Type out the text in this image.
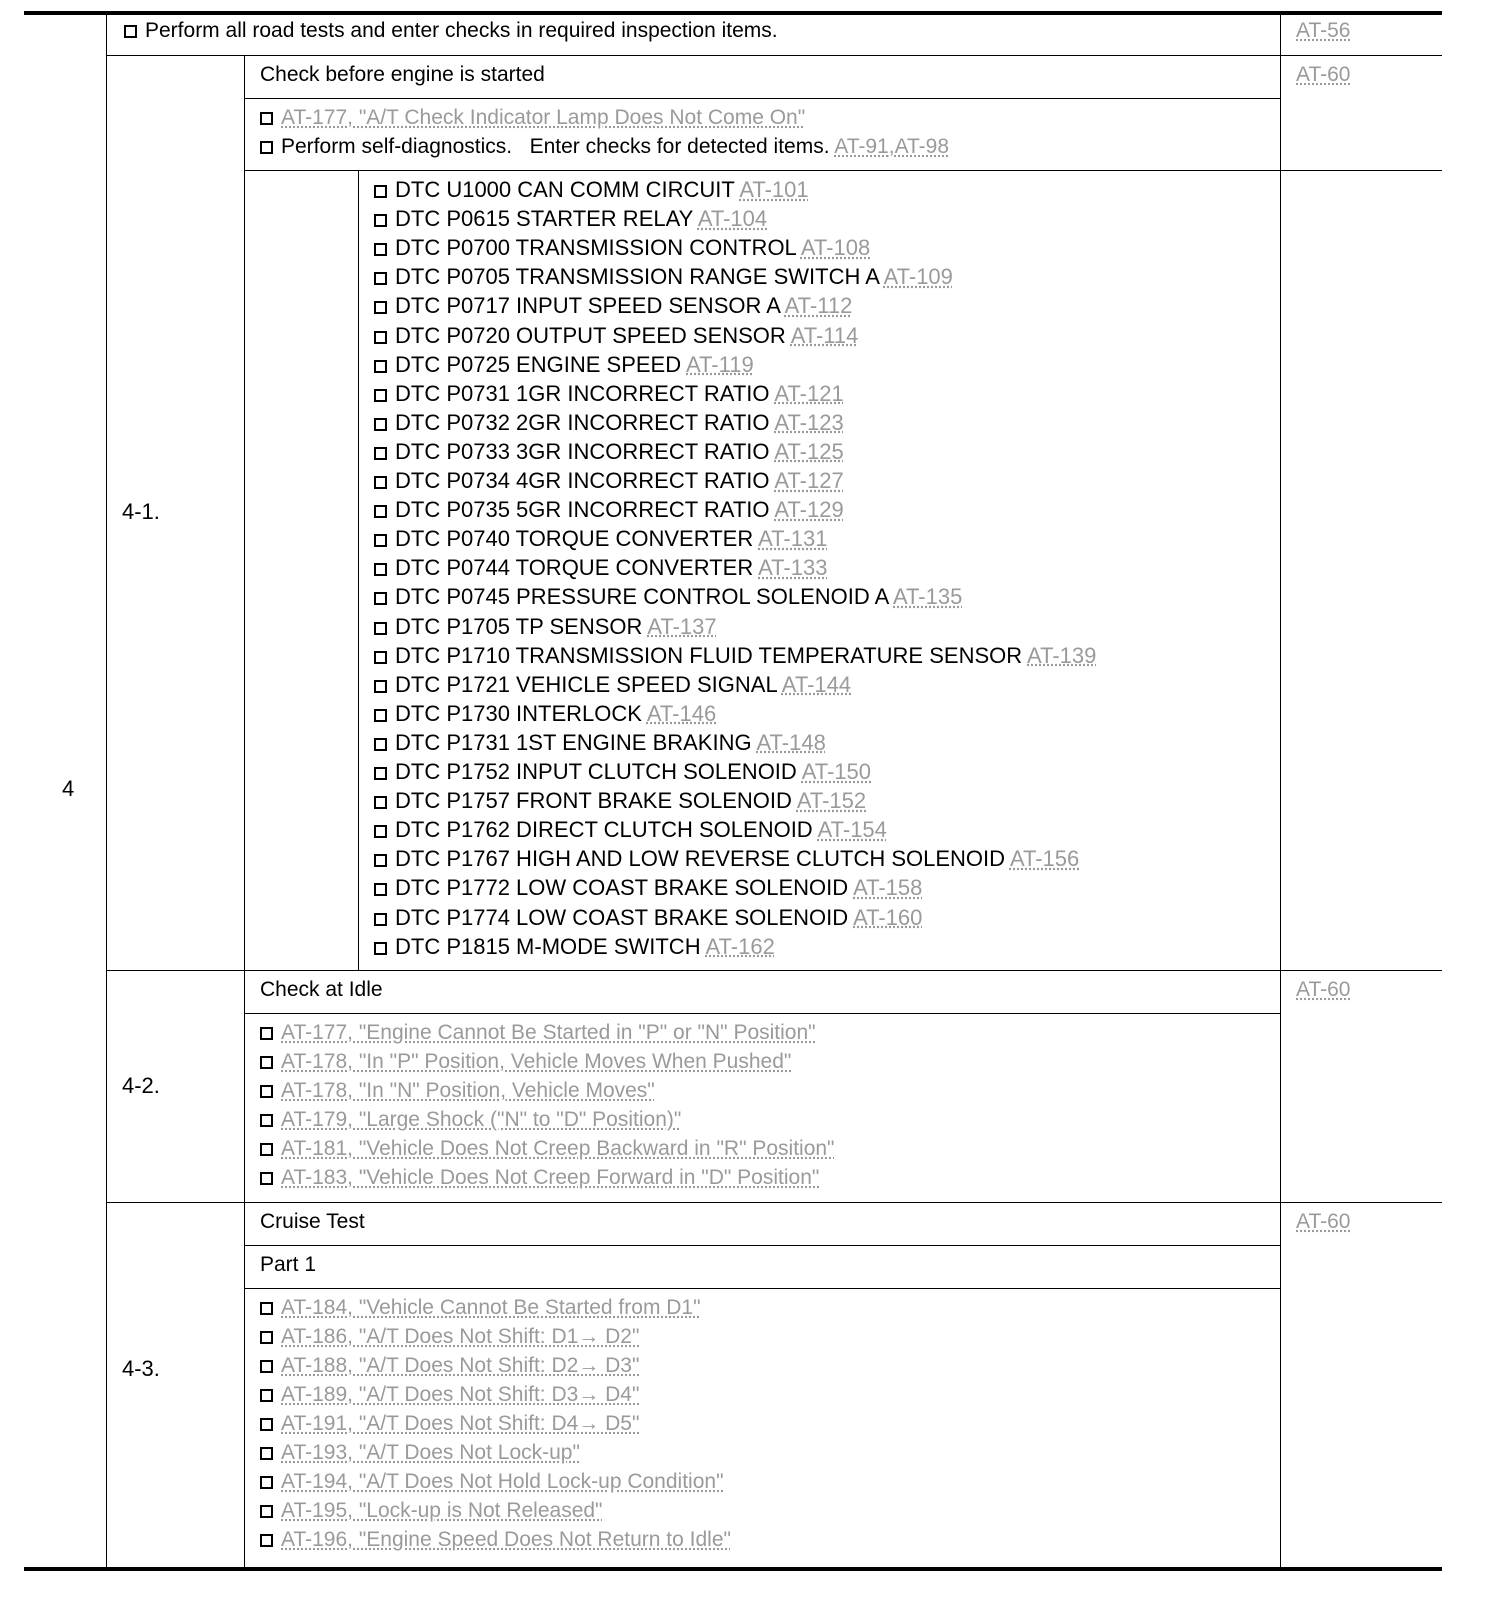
4
Perform all road tests and enter checks in required inspection items.	AT-56
4-1.
Check before engine is started	AT-60
AT-177, "A/T Check Indicator Lamp Does Not Come On"
Perform self-diagnostics.   Enter checks for detected items. AT-91,AT-98
DTC U1000 CAN COMM CIRCUIT AT-101
DTC P0615 STARTER RELAY AT-104
DTC P0700 TRANSMISSION CONTROL AT-108
DTC P0705 TRANSMISSION RANGE SWITCH A AT-109
DTC P0717 INPUT SPEED SENSOR A AT-112
DTC P0720 OUTPUT SPEED SENSOR AT-114
DTC P0725 ENGINE SPEED AT-119
DTC P0731 1GR INCORRECT RATIO AT-121
DTC P0732 2GR INCORRECT RATIO AT-123
DTC P0733 3GR INCORRECT RATIO AT-125
DTC P0734 4GR INCORRECT RATIO AT-127
DTC P0735 5GR INCORRECT RATIO AT-129
DTC P0740 TORQUE CONVERTER AT-131
DTC P0744 TORQUE CONVERTER AT-133
DTC P0745 PRESSURE CONTROL SOLENOID A AT-135
DTC P1705 TP SENSOR AT-137
DTC P1710 TRANSMISSION FLUID TEMPERATURE SENSOR AT-139
DTC P1721 VEHICLE SPEED SIGNAL AT-144
DTC P1730 INTERLOCK AT-146
DTC P1731 1ST ENGINE BRAKING AT-148
DTC P1752 INPUT CLUTCH SOLENOID AT-150
DTC P1757 FRONT BRAKE SOLENOID AT-152
DTC P1762 DIRECT CLUTCH SOLENOID AT-154
DTC P1767 HIGH AND LOW REVERSE CLUTCH SOLENOID AT-156
DTC P1772 LOW COAST BRAKE SOLENOID AT-158
DTC P1774 LOW COAST BRAKE SOLENOID AT-160
DTC P1815 M-MODE SWITCH AT-162
4-2.
Check at Idle	AT-60
AT-177, "Engine Cannot Be Started in "P" or "N" Position"
AT-178, "In "P" Position, Vehicle Moves When Pushed"
AT-178, "In "N" Position, Vehicle Moves"
AT-179, "Large Shock ("N" to "D" Position)"
AT-181, "Vehicle Does Not Creep Backward in "R" Position"
AT-183, "Vehicle Does Not Creep Forward in "D" Position"
4-3.
Cruise Test	AT-60
Part 1
AT-184, "Vehicle Cannot Be Started from D1"
AT-186, "A/T Does Not Shift: D1→ D2"
AT-188, "A/T Does Not Shift: D2→ D3"
AT-189, "A/T Does Not Shift: D3→ D4"
AT-191, "A/T Does Not Shift: D4→ D5"
AT-193, "A/T Does Not Lock-up"
AT-194, "A/T Does Not Hold Lock-up Condition"
AT-195, "Lock-up is Not Released"
AT-196, "Engine Speed Does Not Return to Idle"
